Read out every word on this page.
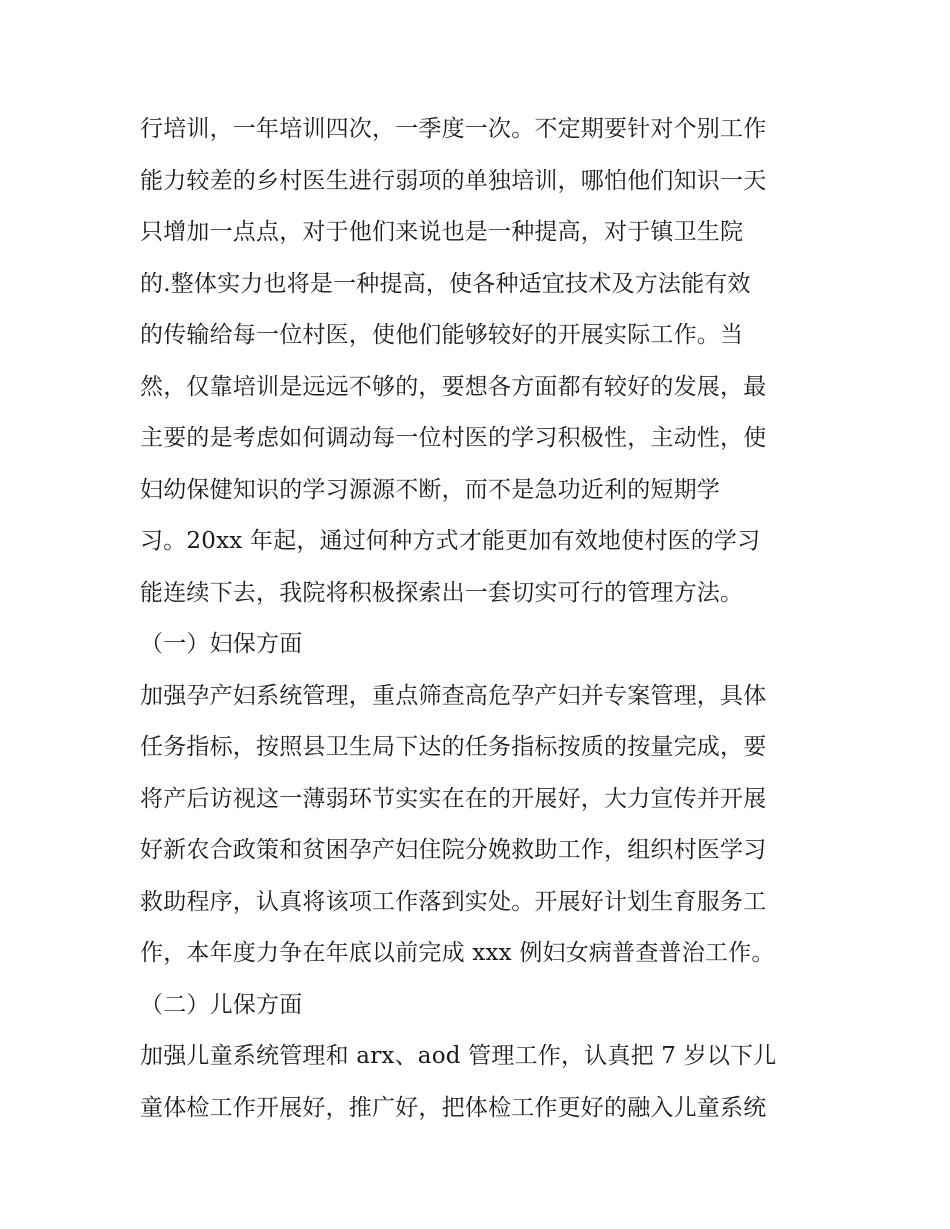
行培训，一年培训四次，一季度一次。不定期要针对个别工作
能力较差的乡村医生进行弱项的单独培训，哪怕他们知识一天
只增加一点点，对于他们来说也是一种提高，对于镇卫生院
的.整体实力也将是一种提高，使各种适宜技术及方法能有效
的传输给每一位村医，使他们能够较好的开展实际工作。当
然，仅靠培训是远远不够的，要想各方面都有较好的发展，最
主要的是考虑如何调动每一位村医的学习积极性，主动性，使
妇幼保健知识的学习源源不断，而不是急功近利的短期学
习。20xx 年起，通过何种方式才能更加有效地使村医的学习
能连续下去，我院将积极探索出一套切实可行的管理方法。
（一）妇保方面
加强孕产妇系统管理，重点筛查高危孕产妇并专案管理，具体
任务指标，按照县卫生局下达的任务指标按质的按量完成，要
将产后访视这一薄弱环节实实在在的开展好，大力宣传并开展
好新农合政策和贫困孕产妇住院分娩救助工作，组织村医学习
救助程序，认真将该项工作落到实处。开展好计划生育服务工
作，本年度力争在年底以前完成 xxx 例妇女病普查普治工作。
（二）儿保方面
加强儿童系统管理和 arx、aod 管理工作，认真把 7 岁以下儿
童体检工作开展好，推广好，把体检工作更好的融入儿童系统
